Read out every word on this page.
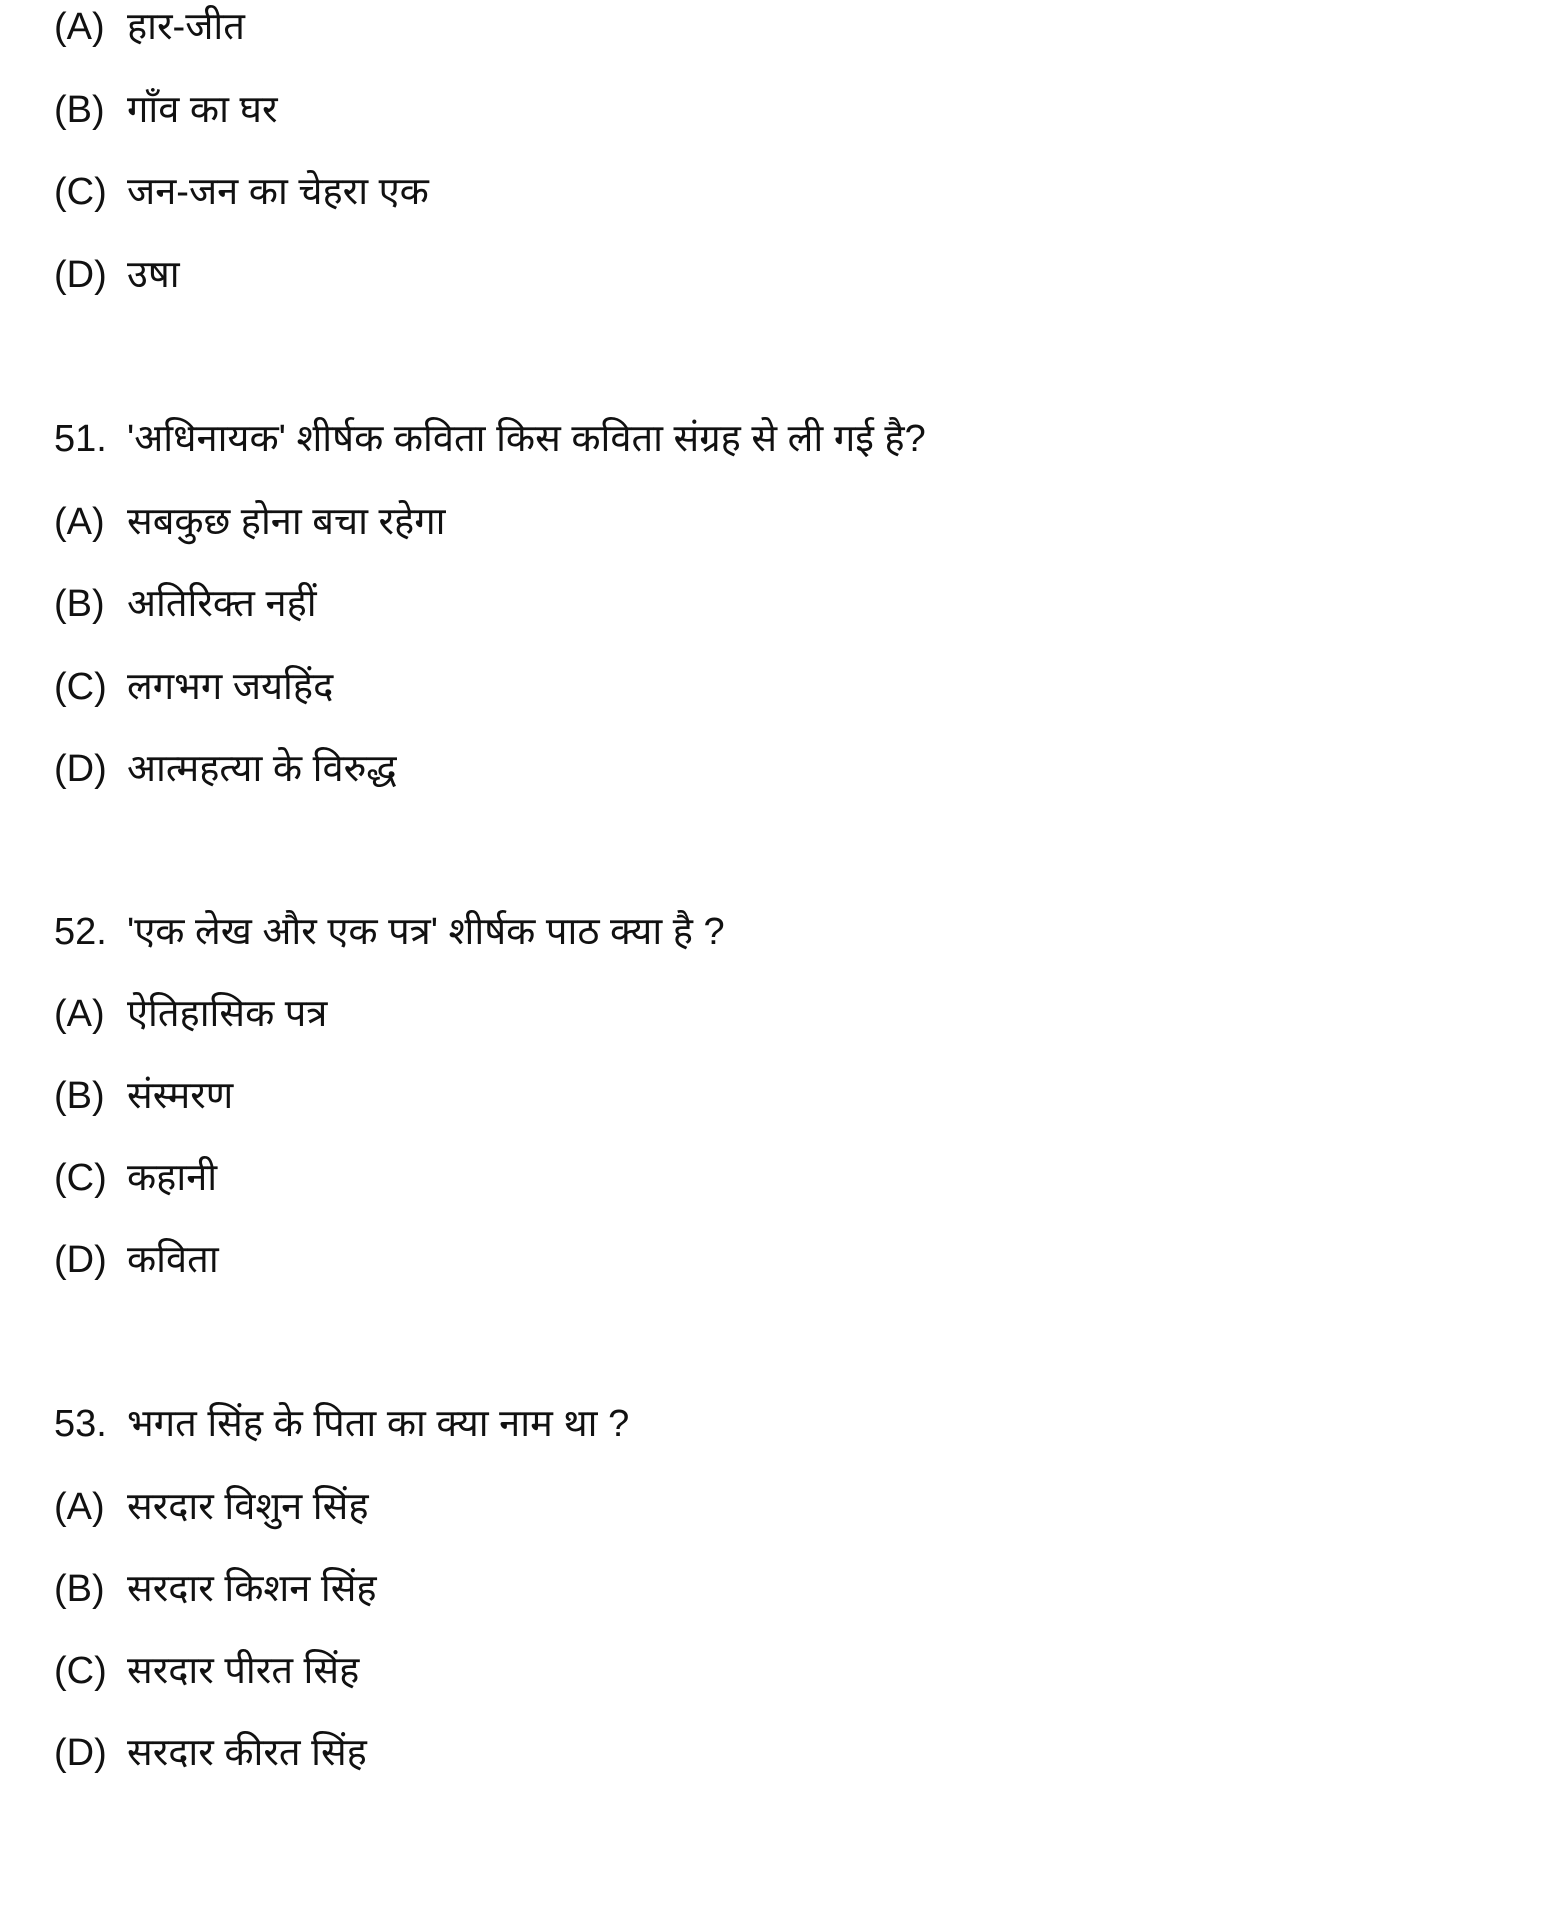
(A) हार-जीत
(B) गाँव का घर
(C) जन-जन का चेहरा एक
(D) उषा
51. 'अधिनायक' शीर्षक कविता किस कविता संग्रह से ली गई है?
(A) सबकुछ होना बचा रहेगा
(B) अतिरिक्त नहीं
(C) लगभग जयहिंद
(D) आत्महत्या के विरुद्ध
52. 'एक लेख और एक पत्र' शीर्षक पाठ क्या है ?
(A) ऐतिहासिक पत्र
(B) संस्मरण
(C) कहानी
(D) कविता
53. भगत सिंह के पिता का क्या नाम था ?
(A) सरदार विशुन सिंह
(B) सरदार किशन सिंह
(C) सरदार पीरत सिंह
(D) सरदार कीरत सिंह
